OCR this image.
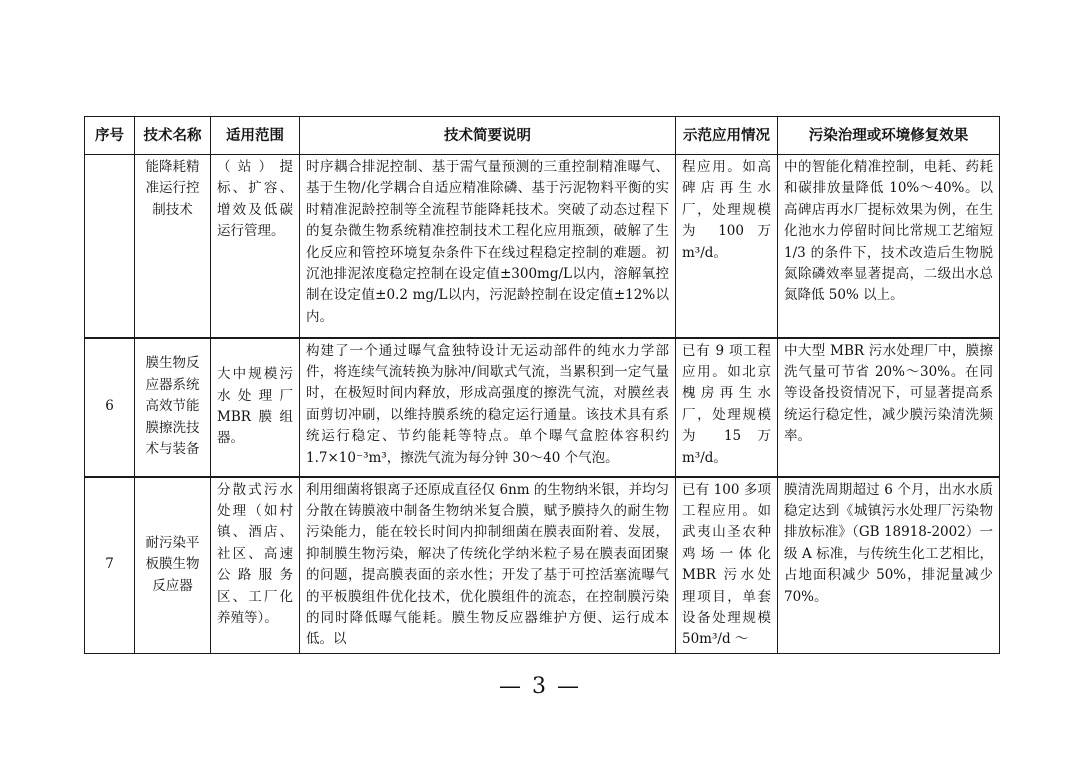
序号	技术名称	适用范围	技术简要说明	示范应用情况	污染治理或环境修复效果
	能降耗精准运行控制技术	（站）提标、扩容、增效及低碳运行管理。	时序耦合排泥控制、基于需气量预测的三重控制精准曝气、基于生物/化学耦合自适应精准除磷、基于污泥物料平衡的实时精准泥龄控制等全流程节能降耗技术。突破了动态过程下的复杂微生物系统精准控制技术工程化应用瓶颈，破解了生化反应和管控环境复杂条件下在线过程稳定控制的难题。初沉池排泥浓度稳定控制在设定值±300mg/L以内，溶解氧控制在设定值±0.2 mg/L以内，污泥龄控制在设定值±12%以内。	程应用。如高碑店再生水厂，处理规模为 100 万 m³/d。	中的智能化精准控制，电耗、药耗和碳排放量降低 10%～40%。以高碑店再水厂提标效果为例，在生化池水力停留时间比常规工艺缩短 1/3 的条件下，技术改造后生物脱氮除磷效率显著提高，二级出水总氮降低 50% 以上。
6	膜生物反应器系统高效节能膜擦洗技术与装备	大中规模污水处理厂MBR膜组器。	构建了一个通过曝气盒独特设计无运动部件的纯水力学部件，将连续气流转换为脉冲/间歇式气流，当累积到一定气量时，在极短时间内释放，形成高强度的擦洗气流，对膜丝表面剪切冲刷，以维持膜系统的稳定运行通量。该技术具有系统运行稳定、节约能耗等特点。单个曝气盒腔体容积约 1.7×10⁻³m³，擦洗气流为每分钟 30～40 个气泡。	已有 9 项工程应用。如北京槐房再生水厂，处理规模为 15 万 m³/d。	中大型 MBR 污水处理厂中，膜擦洗气量可节省 20%～30%。在同等设备投资情况下，可显著提高系统运行稳定性，减少膜污染清洗频率。
7	耐污染平板膜生物反应器	分散式污水处理（如村镇、酒店、社区、高速公路服务区、工厂化养殖等）。	利用细菌将银离子还原成直径仅 6nm 的生物纳米银，并均匀分散在铸膜液中制备生物纳米复合膜，赋予膜持久的耐生物污染能力，能在较长时间内抑制细菌在膜表面附着、发展，抑制膜生物污染，解决了传统化学纳米粒子易在膜表面团聚的问题，提高膜表面的亲水性；开发了基于可控活塞流曝气的平板膜组件优化技术，优化膜组件的流态，在控制膜污染的同时降低曝气能耗。膜生物反应器维护方便、运行成本低。以	已有 100 多项工程应用。如武夷山圣农种鸡场一体化 MBR 污水处理项目，单套设备处理规模 50m³/d ～	膜清洗周期超过 6 个月，出水水质稳定达到《城镇污水处理厂污染物排放标准》（GB 18918-2002）一级 A 标准，与传统生化工艺相比，占地面积减少 50%，排泥量减少 70%。
— 3 —
